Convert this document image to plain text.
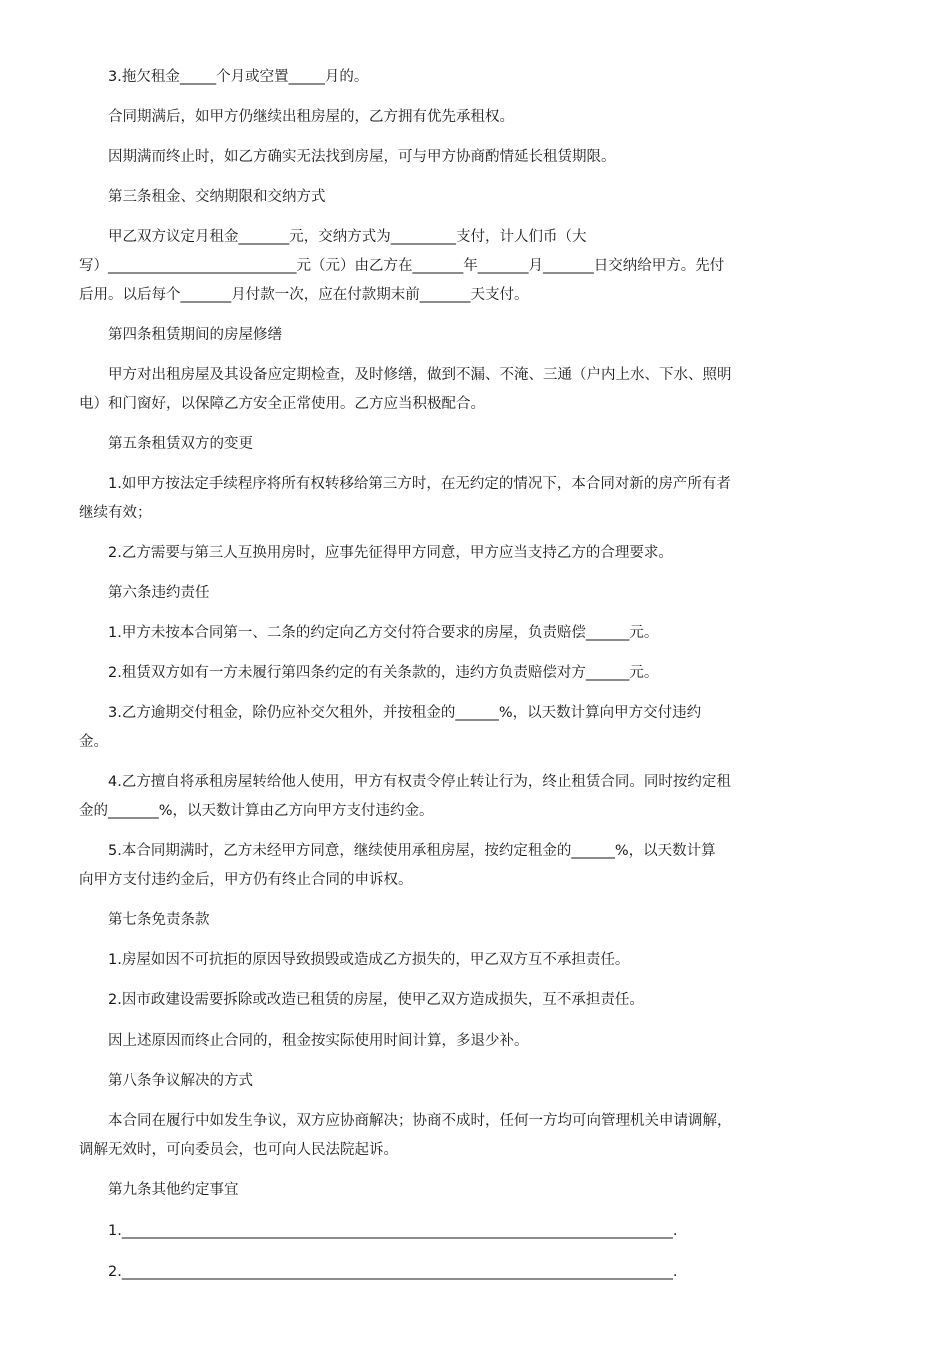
3.拖欠租金_____个月或空置_____月的。
合同期满后，如甲方仍继续出租房屋的，乙方拥有优先承租权。
因期满而终止时，如乙方确实无法找到房屋，可与甲方协商酌情延长租赁期限。
第三条租金、交纳期限和交纳方式
甲乙双方议定月租金_______元，交纳方式为_________支付，计人们币（大
写）__________________________元（元）由乙方在_______年_______月_______日交纳给甲方。先付
后用。以后每个_______月付款一次，应在付款期末前_______天支付。
第四条租赁期间的房屋修缮
甲方对出租房屋及其设备应定期检查，及时修缮，做到不漏、不淹、三通（户内上水、下水、照明
电）和门窗好，以保障乙方安全正常使用。乙方应当积极配合。
第五条租赁双方的变更
1.如甲方按法定手续程序将所有权转移给第三方时，在无约定的情况下，本合同对新的房产所有者
继续有效；
2.乙方需要与第三人互换用房时，应事先征得甲方同意，甲方应当支持乙方的合理要求。
第六条违约责任
1.甲方未按本合同第一、二条的约定向乙方交付符合要求的房屋，负责赔偿______元。
2.租赁双方如有一方未履行第四条约定的有关条款的，违约方负责赔偿对方______元。
3.乙方逾期交付租金，除仍应补交欠租外，并按租金的______%，以天数计算向甲方交付违约
金。
4.乙方擅自将承租房屋转给他人使用，甲方有权责令停止转让行为，终止租赁合同。同时按约定租
金的_______%，以天数计算由乙方向甲方支付违约金。
5.本合同期满时，乙方未经甲方同意，继续使用承租房屋，按约定租金的______%，以天数计算
向甲方支付违约金后，甲方仍有终止合同的申诉权。
第七条免责条款
1.房屋如因不可抗拒的原因导致损毁或造成乙方损失的，甲乙双方互不承担责任。
2.因市政建设需要拆除或改造已租赁的房屋，使甲乙双方造成损失，互不承担责任。
因上述原因而终止合同的，租金按实际使用时间计算，多退少补。
第八条争议解决的方式
本合同在履行中如发生争议，双方应协商解决；协商不成时，任何一方均可向管理机关申请调解，
调解无效时，可向委员会，也可向人民法院起诉。
第九条其他约定事宜
1.____________________________________________________________________________.
2.____________________________________________________________________________.
